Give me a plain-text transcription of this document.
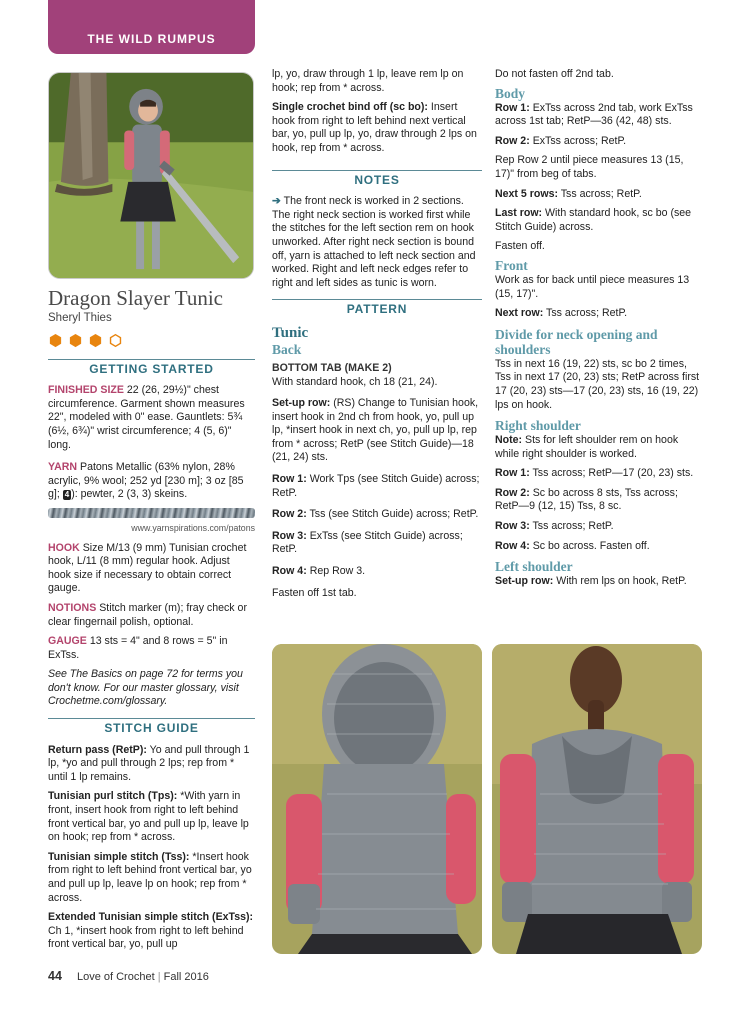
THE WILD RUMPUS
Dragon Slayer Tunic
Sheryl Thies
GETTING STARTED
FINISHED SIZE 22 (26, 29½)" chest circumference. Garment shown measures 22", modeled with 0" ease. Gauntlets: 5¾ (6½, 6¾)" wrist circumference; 4 (5, 6)" long.
YARN Patons Metallic (63% nylon, 28% acrylic, 9% wool; 252 yd [230 m]; 3 oz [85 g]; 4 ): pewter, 2 (3, 3) skeins.
www.yarnspirations.com/patons
HOOK Size M/13 (9 mm) Tunisian crochet hook, L/11 (8 mm) regular hook. Adjust hook size if necessary to obtain correct gauge.
NOTIONS Stitch marker (m); fray check or clear fingernail polish, optional.
GAUGE 13 sts = 4" and 8 rows = 5" in ExTss.
See The Basics on page 72 for terms you don't know. For our master glossary, visit Crochetme.com/glossary.
STITCH GUIDE
Return pass (RetP): Yo and pull through 1 lp, *yo and pull through 2 lps; rep from * until 1 lp remains.
Tunisian purl stitch (Tps): *With yarn in front, insert hook from right to left behind front vertical bar, yo and pull up lp, leave lp on hook; rep from * across.
Tunisian simple stitch (Tss): *Insert hook from right to left behind front vertical bar, yo and pull up lp, leave lp on hook; rep from * across.
Extended Tunisian simple stitch (ExTss): Ch 1, *insert hook from right to left behind front vertical bar, yo, pull up
lp, yo, draw through 1 lp, leave rem lp on hook; rep from * across.
Single crochet bind off (sc bo): Insert hook from right to left behind next vertical bar, yo, pull up lp, yo, draw through 2 lps on hook, rep from * across.
NOTES
➔ The front neck is worked in 2 sections. The right neck section is worked first while the stitches for the left section rem on hook unworked. After right neck section is bound off, yarn is attached to left neck section and worked. Right and left neck edges refer to right and left sides as tunic is worn.
PATTERN
Tunic
Back
BOTTOM TAB (MAKE 2)
With standard hook, ch 18 (21, 24).
Set-up row: (RS) Change to Tunisian hook, insert hook in 2nd ch from hook, yo, pull up lp, *insert hook in next ch, yo, pull up lp, rep from * across; RetP (see Stitch Guide)—18 (21, 24) sts.
Row 1: Work Tps (see Stitch Guide) across; RetP.
Row 2: Tss (see Stitch Guide) across; RetP.
Row 3: ExTss (see Stitch Guide) across; RetP.
Row 4: Rep Row 3.
Fasten off 1st tab.
Do not fasten off 2nd tab.
Body
Row 1: ExTss across 2nd tab, work ExTss across 1st tab; RetP—36 (42, 48) sts.
Row 2: ExTss across; RetP.
Rep Row 2 until piece measures 13 (15, 17)" from beg of tabs.
Next 5 rows: Tss across; RetP.
Last row: With standard hook, sc bo (see Stitch Guide) across.
Fasten off.
Front
Work as for back until piece measures 13 (15, 17)".
Next row: Tss across; RetP.
Divide for neck opening and shoulders
Tss in next 16 (19, 22) sts, sc bo 2 times, Tss in next 17 (20, 23) sts; RetP across first 17 (20, 23) sts—17 (20, 23) sts, 16 (19, 22) lps on hook.
Right shoulder
Note: Sts for left shoulder rem on hook while right shoulder is worked.
Row 1: Tss across; RetP—17 (20, 23) sts.
Row 2: Sc bo across 8 sts, Tss across; RetP—9 (12, 15) Tss, 8 sc.
Row 3: Tss across; RetP.
Row 4: Sc bo across. Fasten off.
Left shoulder
Set-up row: With rem lps on hook, RetP.
44 Love of Crochet | Fall 2016
